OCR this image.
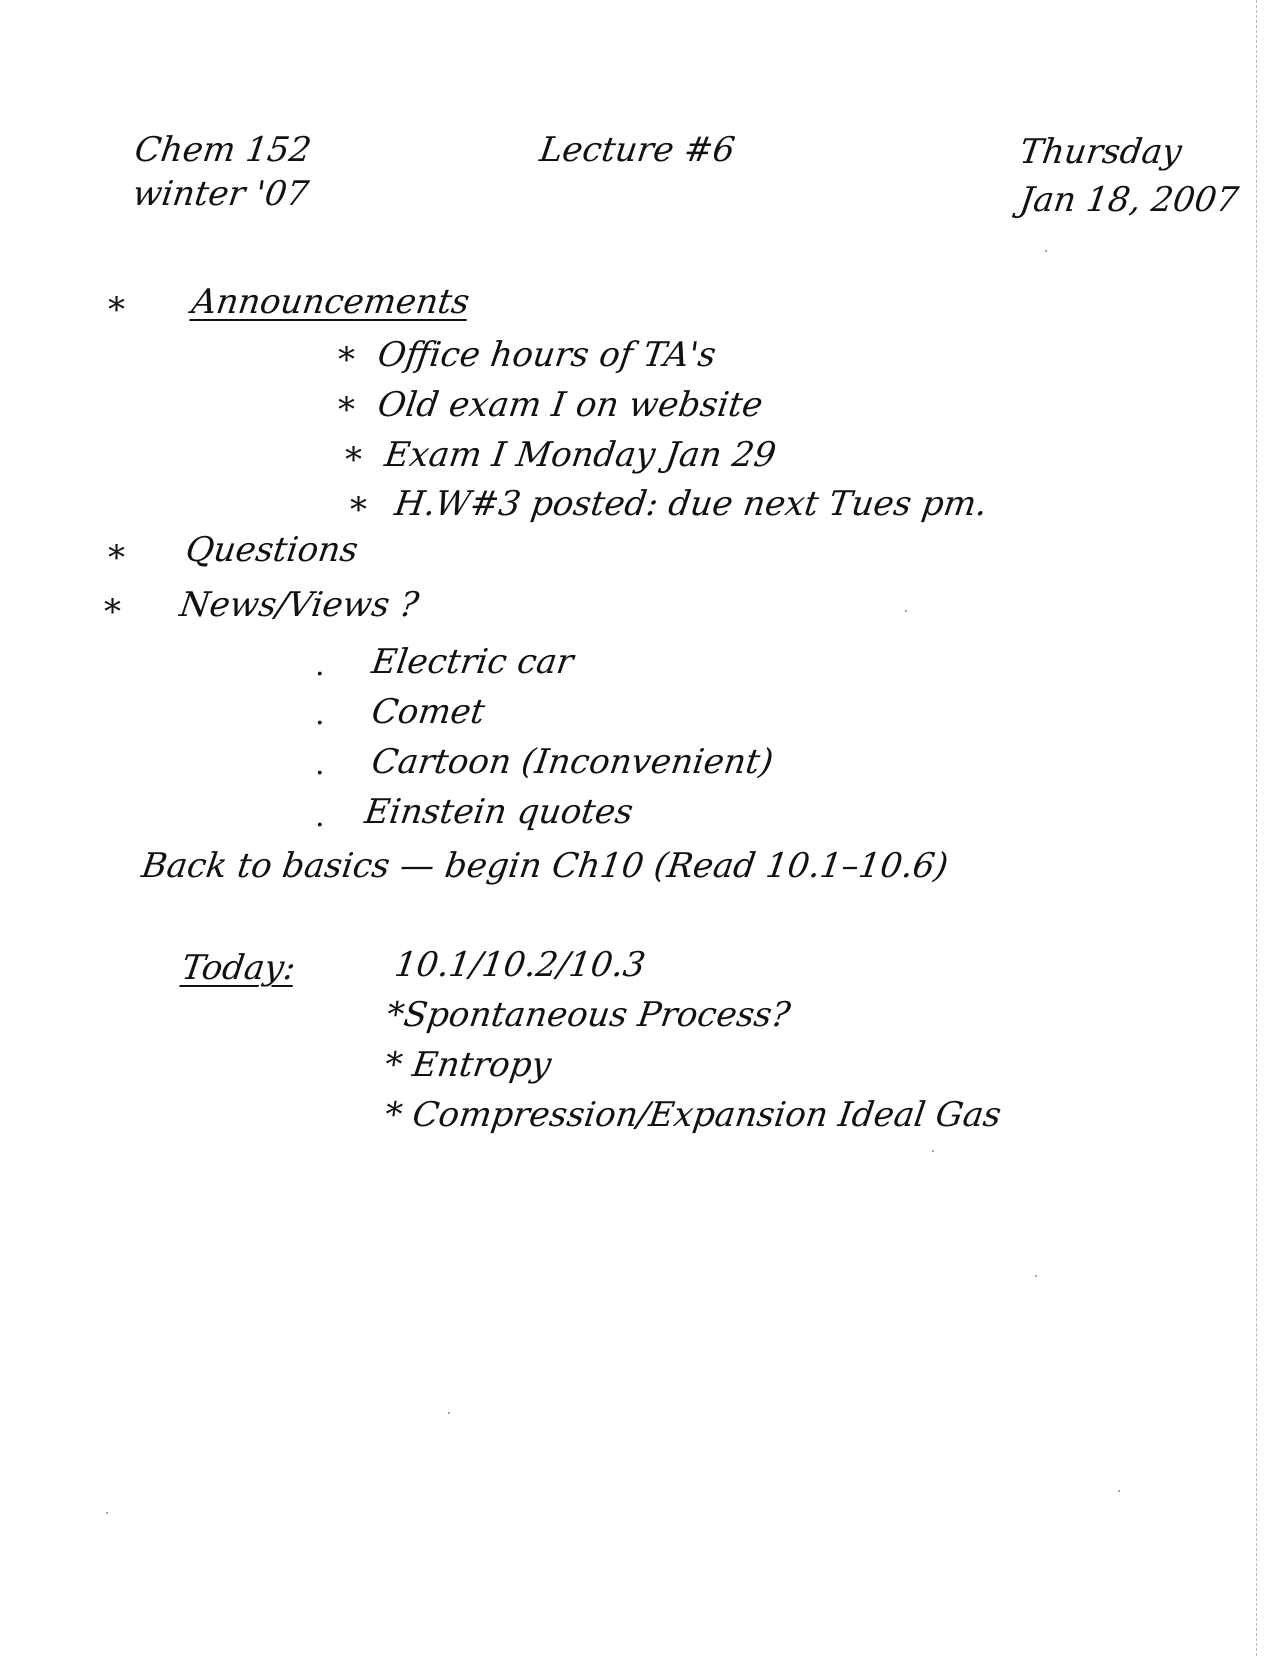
Chem 152
winter '07
Lecture #6	Thursday
Jan 18, 2007
* Announcements
* Office hours of TA's
* Old exam I on website
* Exam I Monday Jan 29
* H.W#3 posted: due next Tues pm.
* Questions
* News/Views ?
. Electric car
. Comet
. Cartoon (Inconvenient)
. Einstein quotes
Back to basics — begin Ch10 (Read 10.1–10.6)
Today:	10.1/10.2/10.3
*Spontaneous Process?
* Entropy
* Compression/Expansion Ideal Gas
